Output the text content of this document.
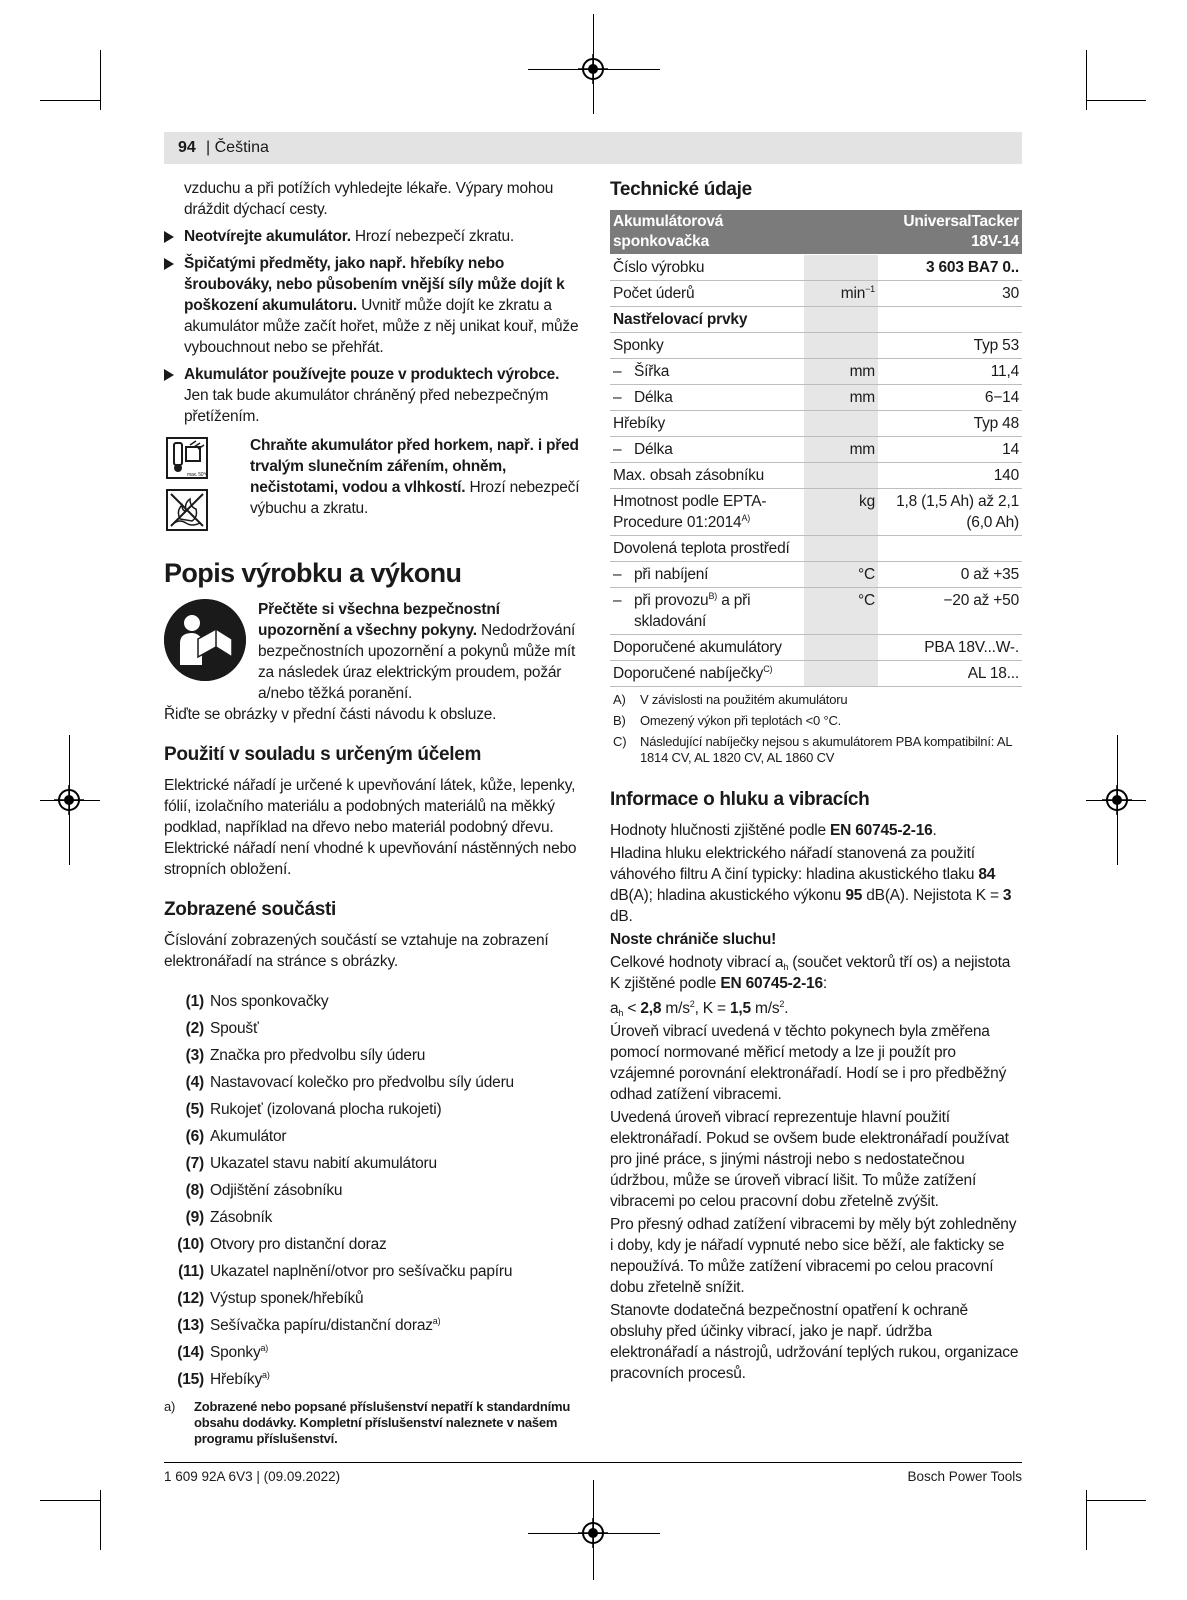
94 | Čeština

vzduchu a při potížích vyhledejte lékaře. Výpary mohou dráždit dýchací cesty.

Neotvírejte akumulátor. Hrozí nebezpečí zkratu.
Špičatými předměty, jako např. hřebíky nebo šroubováky, nebo působením vnější síly může dojít k poškození akumulátoru. Uvnitř může dojít ke zkratu a akumulátor může začít hořet, může z něj unikat kouř, může vybouchnout nebo se přehřát.
Akumulátor používejte pouze v produktech výrobce. Jen tak bude akumulátor chráněný před nebezpečným přetížením.
max. 50°C

Chraňte akumulátor před horkem, např. i před trvalým slunečním zářením, ohněm, nečistotami, vodou a vlhkostí. Hrozí nebezpečí výbuchu a zkratu.
Popis výrobku a výkonu
Přečtěte si všechna bezpečnostní upozornění a všechny pokyny. Nedodržování bezpečnostních upozornění a pokynů může mít za následek úraz elektrickým proudem, požár a/nebo těžká poranění.

Řiďte se obrázky v přední části návodu k obsluze.

Použití v souladu s určeným účelem

Elektrické nářadí je určené k upevňování látek, kůže, lepenky, fólií, izolačního materiálu a podobných materiálů na měkký podklad, například na dřevo nebo materiál podobný dřevu. Elektrické nářadí není vhodné k upevňování nástěnných nebo stropních obložení.

Zobrazené součásti

Číslování zobrazených součástí se vztahuje na zobrazení elektronářadí na stránce s obrázky.

(1) Nos sponkovačky
(2) Spoušť
(3) Značka pro předvolbu síly úderu
(4) Nastavovací kolečko pro předvolbu síly úderu
(5) Rukojeť (izolovaná plocha rukojeti)
(6) Akumulátor
(7) Ukazatel stavu nabití akumulátoru
(8) Odjištění zásobníku
(9) Zásobník
(10) Otvory pro distanční doraz
(11) Ukazatel naplnění/otvor pro sešívačku papíru
(12) Výstup sponek/hřebíků
(13) Sešívačka papíru/distanční doraz$^{a)}$
(14) Sponky$^{a)}$
(15) Hřebíky$^{a)}$
a) Zobrazené nebo popsané příslušenství nepatří k standardnímu obsahu dodávky. Kompletní příslušenství naleznete v našem programu příslušenství.
Technické údaje
Akumulátorová sponkovačka		UniversalTacker 18V-14
Číslo výrobku		3 603 BA7 0..
Počet úderů	$\min^{-1}$	30
Nastřelovací prvky		
Sponky		Typ 53

– Šířka	mm	11,4

– Délka	mm	6−14
Hřebíky		Typ 48

– Délka	mm	14
Max. obsah zásobníku		140
Hmotnost podle EPTA-Procedure $01:2014^{A)}$	kg	1,8 (1,5 Ah) až 2,1 (6,0 Ah)
Dovolená teplota prostředí		

– při nabíjení	°C	0 až +35

– při provozu$^{B)}$ a při skladování	°C	−20 až +50
Doporučené akumulátory		PBA 18V...W-.
Doporučené nabíječky$^{C)}$		AL 18...
A) V závislosti na použitém akumulátoru
B) Omezený výkon při teplotách <0 °C.
C) Následující nabíječky nejsou s akumulátorem PBA kompatibilní: AL 1814 CV, AL 1820 CV, AL 1860 CV
Informace o hluku a vibracích

Hodnoty hlučnosti zjištěné podle EN 60745-2-16.

Hladina hluku elektrického nářadí stanovená za použití váhového filtru A činí typicky: hladina akustického tlaku 84 dB(A); hladina akustického výkonu 95 dB(A). Nejistota K = 3 dB.

Noste chrániče sluchu!

Celkové hodnoty vibrací $a_h$ (součet vektorů tří os) a nejistota K zjištěné podle EN 60745-2-16:

$a_h < 2,8$ $m/s^2$, K = 1,5 $m/s^2$.

Úroveň vibrací uvedená v těchto pokynech byla změřena pomocí normované měřicí metody a lze ji použít pro vzájemné porovnání elektronářadí. Hodí se i pro předběžný odhad zatížení vibracemi.

Uvedená úroveň vibrací reprezentuje hlavní použití elektronářadí. Pokud se ovšem bude elektronářadí používat pro jiné práce, s jinými nástroji nebo s nedostatečnou údržbou, může se úroveň vibrací lišit. To může zatížení vibracemi po celou pracovní dobu zřetelně zvýšit.

Pro přesný odhad zatížení vibracemi by měly být zohledněny i doby, kdy je nářadí vypnuté nebo sice běží, ale fakticky se nepoužívá. To může zatížení vibracemi po celou pracovní dobu zřetelně snížit.

Stanovte dodatečná bezpečnostní opatření k ochraně obsluhy před účinky vibrací, jako je např. údržba elektronářadí a nástrojů, udržování teplých rukou, organizace pracovních procesů.

1 609 92A 6V3 | (09.09.2022)	Bosch Power Tools
